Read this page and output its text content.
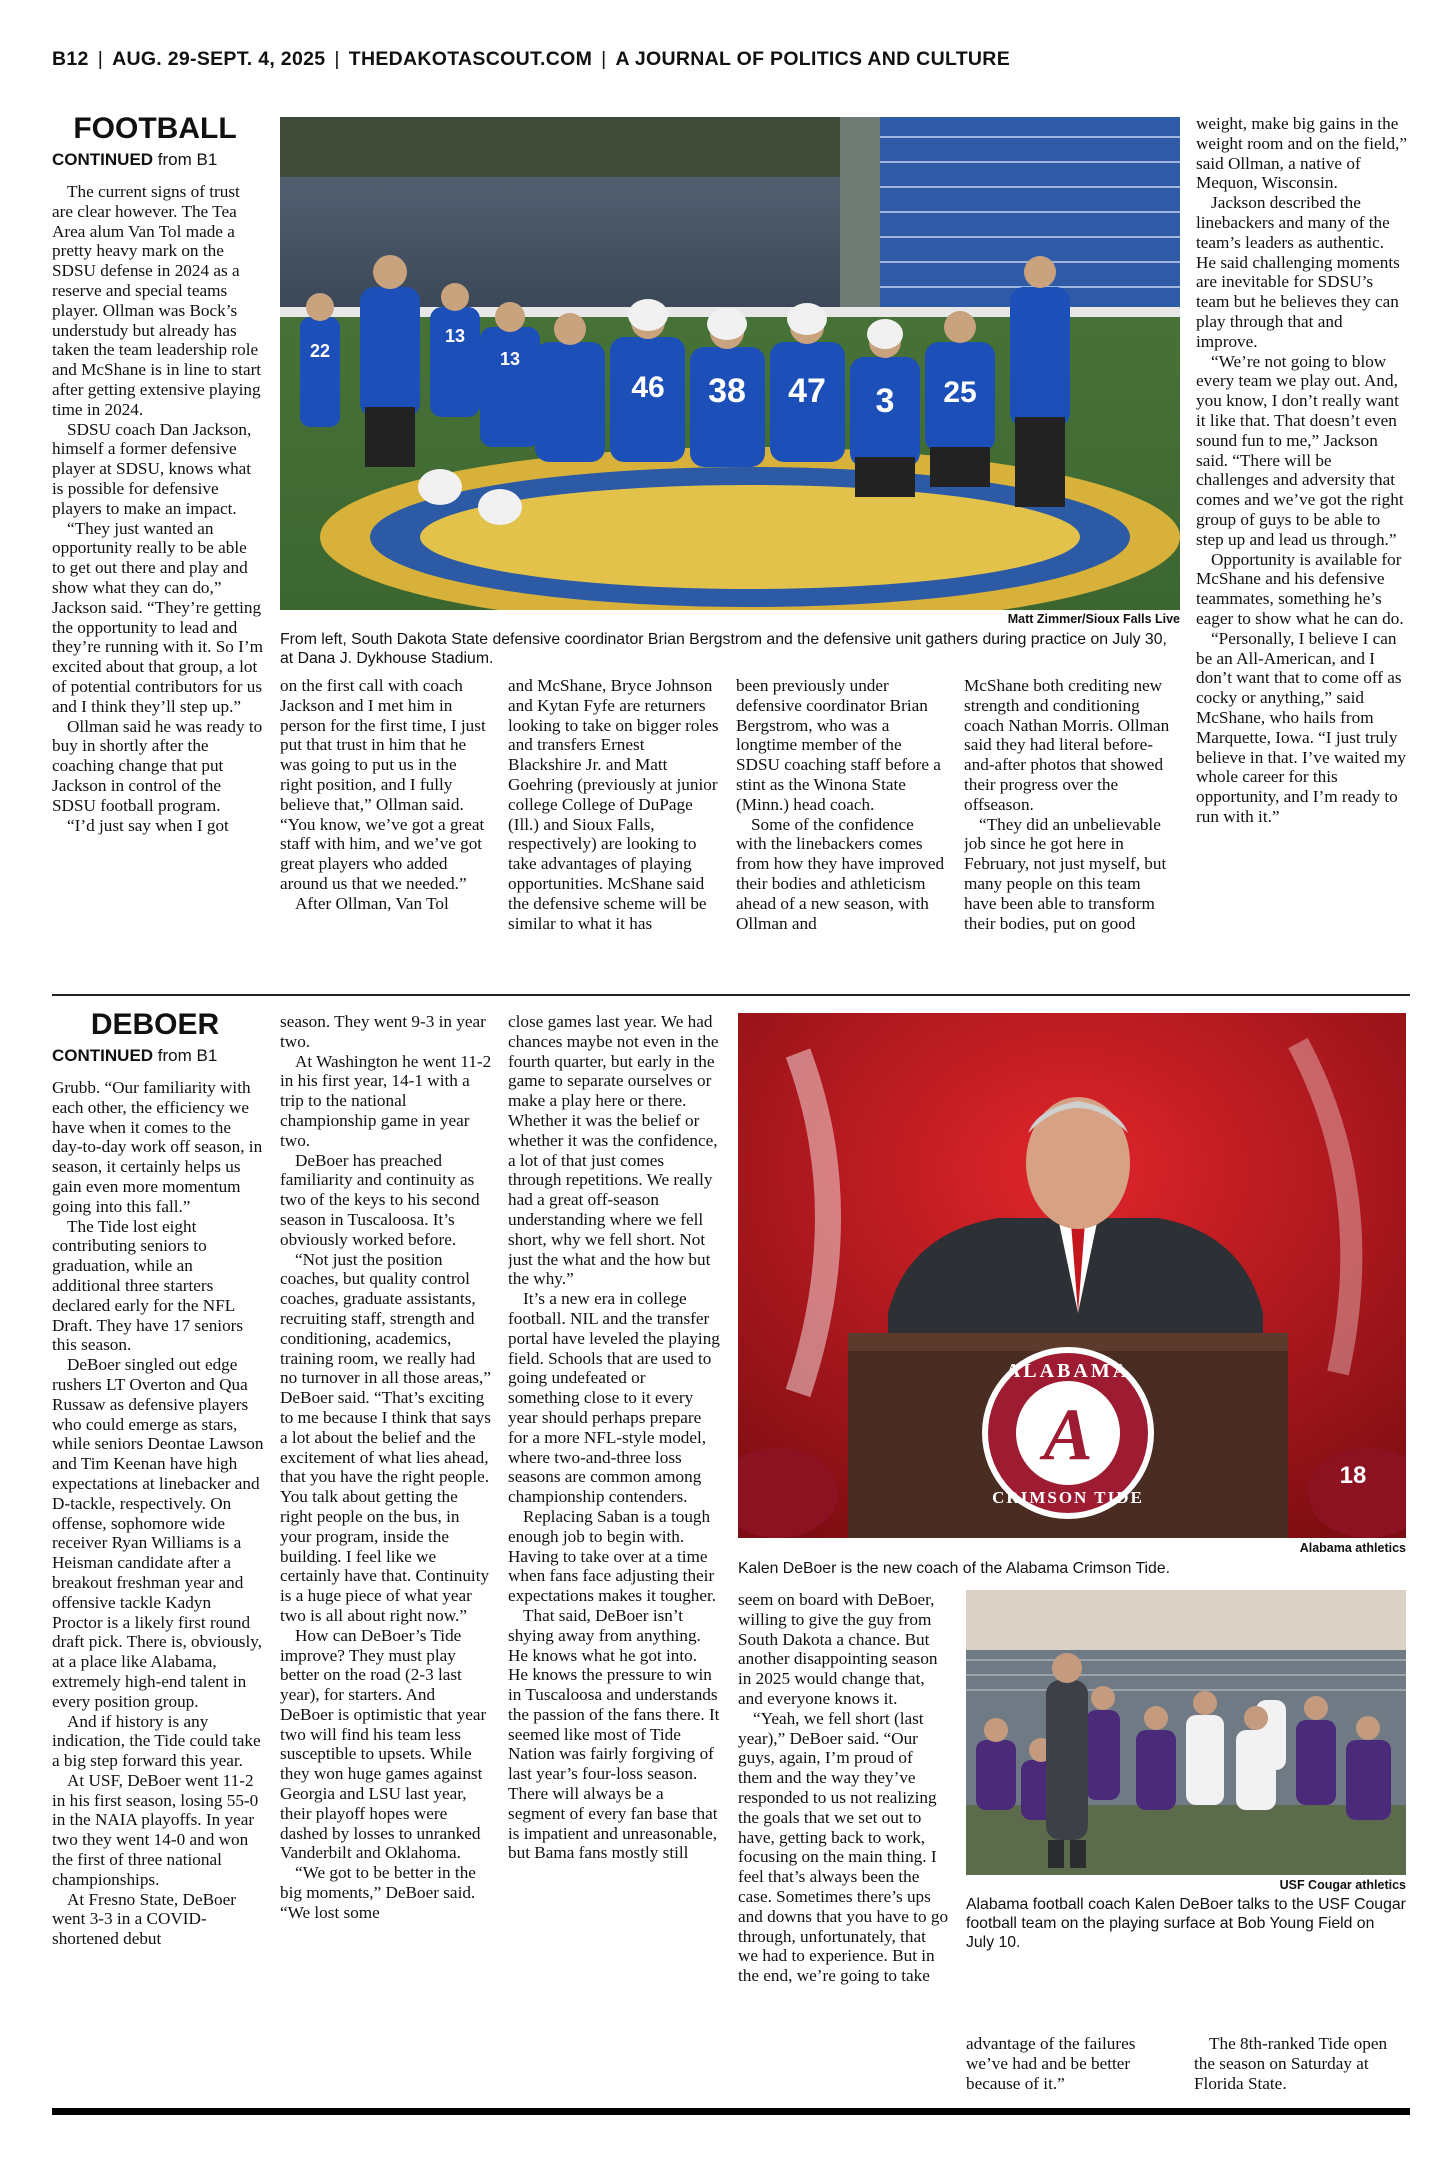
B12 | AUG. 29-SEPT. 4, 2025 | THEDAKOTASCOUT.COM | A JOURNAL OF POLITICS AND CULTURE
FOOTBALL
CONTINUED from B1

The current signs of trust are clear however. The Tea Area alum Van Tol made a pretty heavy mark on the SDSU defense in 2024 as a reserve and special teams player. Ollman was Bock’s understudy but already has taken the team leadership role and McShane is in line to start after getting extensive playing time in 2024.

SDSU coach Dan Jackson, himself a former defensive player at SDSU, knows what is possible for defensive players to make an impact.

“They just wanted an opportunity really to be able to get out there and play and show what they can do,” Jackson said. “They’re getting the opportunity to lead and they’re running with it. So I’m excited about that group, a lot of potential contributors for us and I think they’ll step up.”

Ollman said he was ready to buy in shortly after the coaching change that put Jackson in control of the SDSU football program.

“I’d just say when I got

22
13
13
38 47 3 25
46
Matt Zimmer/Sioux Falls Live
From left, South Dakota State defensive coordinator Brian Bergstrom and the defensive unit gathers during practice on July 30, at Dana J. Dykhouse Stadium.

on the first call with coach Jackson and I met him in person for the first time, I just put that trust in him that he was going to put us in the right position, and I fully believe that,” Ollman said. “You know, we’ve got a great staff with him, and we’ve got great players who added around us that we needed.”

After Ollman, Van Tol

and McShane, Bryce Johnson and Kytan Fyfe are returners looking to take on bigger roles and transfers Ernest Blackshire Jr. and Matt Goehring (previously at junior college College of DuPage (Ill.) and Sioux Falls, respectively) are looking to take advantages of playing opportunities. McShane said the defensive scheme will be similar to what it has

been previously under defensive coordinator Brian Bergstrom, who was a longtime member of the SDSU coaching staff before a stint as the Winona State (Minn.) head coach.

Some of the confidence with the linebackers comes from how they have improved their bodies and athleticism ahead of a new season, with Ollman and

McShane both crediting new strength and conditioning coach Nathan Morris. Ollman said they had literal before-and-after photos that showed their progress over the offseason.

“They did an unbelievable job since he got here in February, not just myself, but many people on this team have been able to transform their bodies, put on good

weight, make big gains in the weight room and on the field,” said Ollman, a native of Mequon, Wisconsin.

Jackson described the linebackers and many of the team’s leaders as authentic. He said challenging moments are inevitable for SDSU’s team but he believes they can play through that and improve.

“We’re not going to blow every team we play out. And, you know, I don’t really want it like that. That doesn’t even sound fun to me,” Jackson said. “There will be challenges and adversity that comes and we’ve got the right group of guys to be able to step up and lead us through.”

Opportunity is available for McShane and his defensive teammates, something he’s eager to show what he can do.

“Personally, I believe I can be an All-American, and I don’t want that to come off as cocky or anything,” said McShane, who hails from Marquette, Iowa. “I just truly believe in that. I’ve waited my whole career for this opportunity, and I’m ready to run with it.”

DEBOER
CONTINUED from B1

Grubb. “Our familiarity with each other, the efficiency we have when it comes to the day-to-day work off season, in season, it certainly helps us gain even more momentum going into this fall.”

The Tide lost eight contributing seniors to graduation, while an additional three starters declared early for the NFL Draft. They have 17 seniors this season.

DeBoer singled out edge rushers LT Overton and Qua Russaw as defensive players who could emerge as stars, while seniors Deontae Lawson and Tim Keenan have high expectations at linebacker and D-tackle, respectively. On offense, sophomore wide receiver Ryan Williams is a Heisman candidate after a breakout freshman year and offensive tackle Kadyn Proctor is a likely first round draft pick. There is, obviously, at a place like Alabama, extremely high-end talent in every position group.

And if history is any indication, the Tide could take a big step forward this year.

At USF, DeBoer went 11-2 in his first season, losing 55-0 in the NAIA playoffs. In year two they went 14-0 and won the first of three national championships.

At Fresno State, DeBoer went 3-3 in a COVID-shortened debut

season. They went 9-3 in year two.

At Washington he went 11-2 in his first year, 14-1 with a trip to the national championship game in year two.

DeBoer has preached familiarity and continuity as two of the keys to his second season in Tuscaloosa. It’s obviously worked before.

“Not just the position coaches, but quality control coaches, graduate assistants, recruiting staff, strength and conditioning, academics, training room, we really had no turnover in all those areas,” DeBoer said. “That’s exciting to me because I think that says a lot about the belief and the excitement of what lies ahead, that you have the right people. You talk about getting the right people on the bus, in your program, inside the building. I feel like we certainly have that. Continuity is a huge piece of what year two is all about right now.”

How can DeBoer’s Tide improve? They must play better on the road (2-3 last year), for starters. And DeBoer is optimistic that year two will find his team less susceptible to upsets. While they won huge games against Georgia and LSU last year, their playoff hopes were dashed by losses to unranked Vanderbilt and Oklahoma.

“We got to be better in the big moments,” DeBoer said. “We lost some

close games last year. We had chances maybe not even in the fourth quarter, but early in the game to separate ourselves or make a play here or there. Whether it was the belief or whether it was the confidence, a lot of that just comes through repetitions. We really had a great off-season understanding where we fell short, why we fell short. Not just the what and the how but the why.”

It’s a new era in college football. NIL and the transfer portal have leveled the playing field. Schools that are used to going undefeated or something close to it every year should perhaps prepare for a more NFL-style model, where two-and-three loss seasons are common among championship contenders.

Replacing Saban is a tough enough job to begin with. Having to take over at a time when fans face adjusting their expectations makes it tougher.

That said, DeBoer isn’t shying away from anything. He knows what he got into. He knows the pressure to win in Tuscaloosa and understands the passion of the fans there. It seemed like most of Tide Nation was fairly forgiving of last year’s four-loss season. There will always be a segment of every fan base that is impatient and unreasonable, but Bama fans mostly still

A
ALABAMA
CRIMSON TIDE
18
Alabama athletics
Kalen DeBoer is the new coach of the Alabama Crimson Tide.

seem on board with DeBoer, willing to give the guy from South Dakota a chance. But another disappointing season in 2025 would change that, and everyone knows it.

“Yeah, we fell short (last year),” DeBoer said. “Our guys, again, I’m proud of them and the way they’ve responded to us not realizing the goals that we set out to have, getting back to work, focusing on the main thing. I feel that’s always been the case. Sometimes there’s ups and downs that you have to go through, unfortunately, that we had to experience. But in the end, we’re going to take

USF Cougar athletics
Alabama football coach Kalen DeBoer talks to the USF Cougar football team on the playing surface at Bob Young Field on July 10.

advantage of the failures we’ve had and be better because of it.”

The 8th-ranked Tide open the season on Saturday at Florida State.
